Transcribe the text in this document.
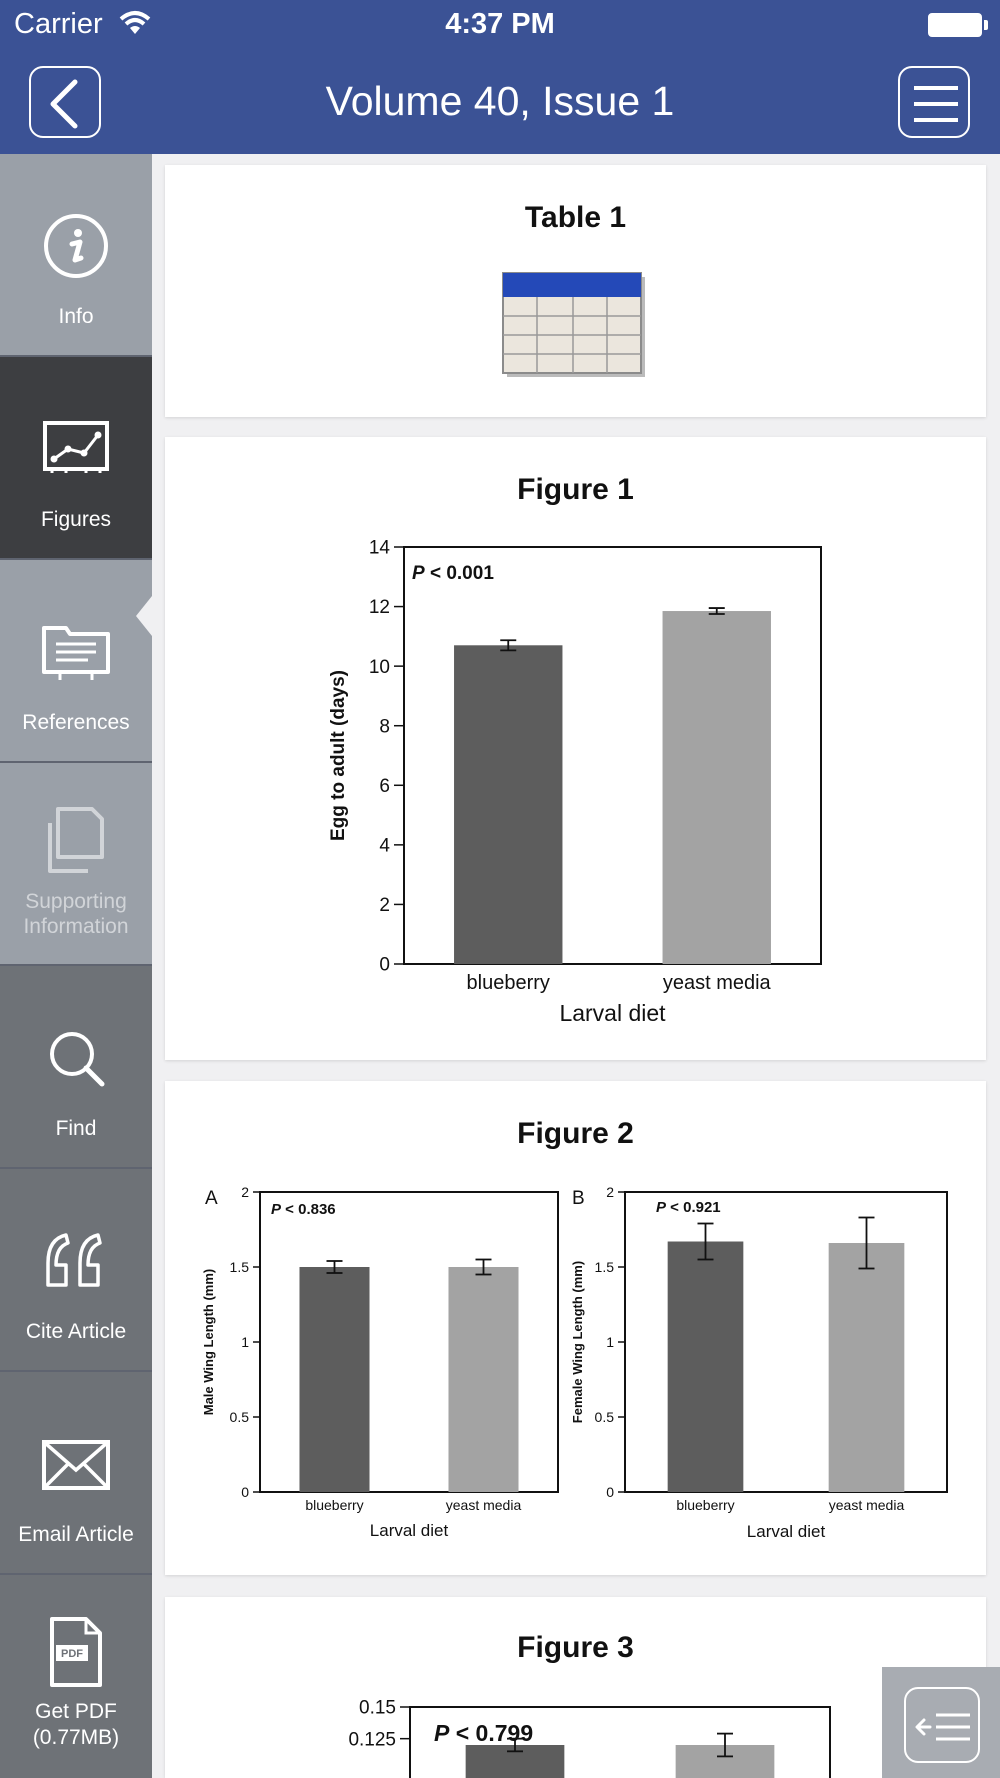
Carrier	4:37 PM
Volume 40, Issue 1
Info
Figures
References
Supporting
Information
Find
Cite Article
Email Article
PDF
Get PDF
(0.77MB)
Table 1
Figure 1
0
2
4
6
8
10
12
14
blueberry	yeast media
P < 0.001
Larval diet
Egg to adult (days)
Figure 2
0
0.5
1
1.5
2
blueberry	yeast media
P < 0.836
Larval diet
Male Wing Length (mm)
A
0
0.5
1
1.5
2
blueberry	yeast media
P < 0.921
Larval diet
Female Wing Length (mm)
B
Figure 3
0.125
0.15
P < 0.799
